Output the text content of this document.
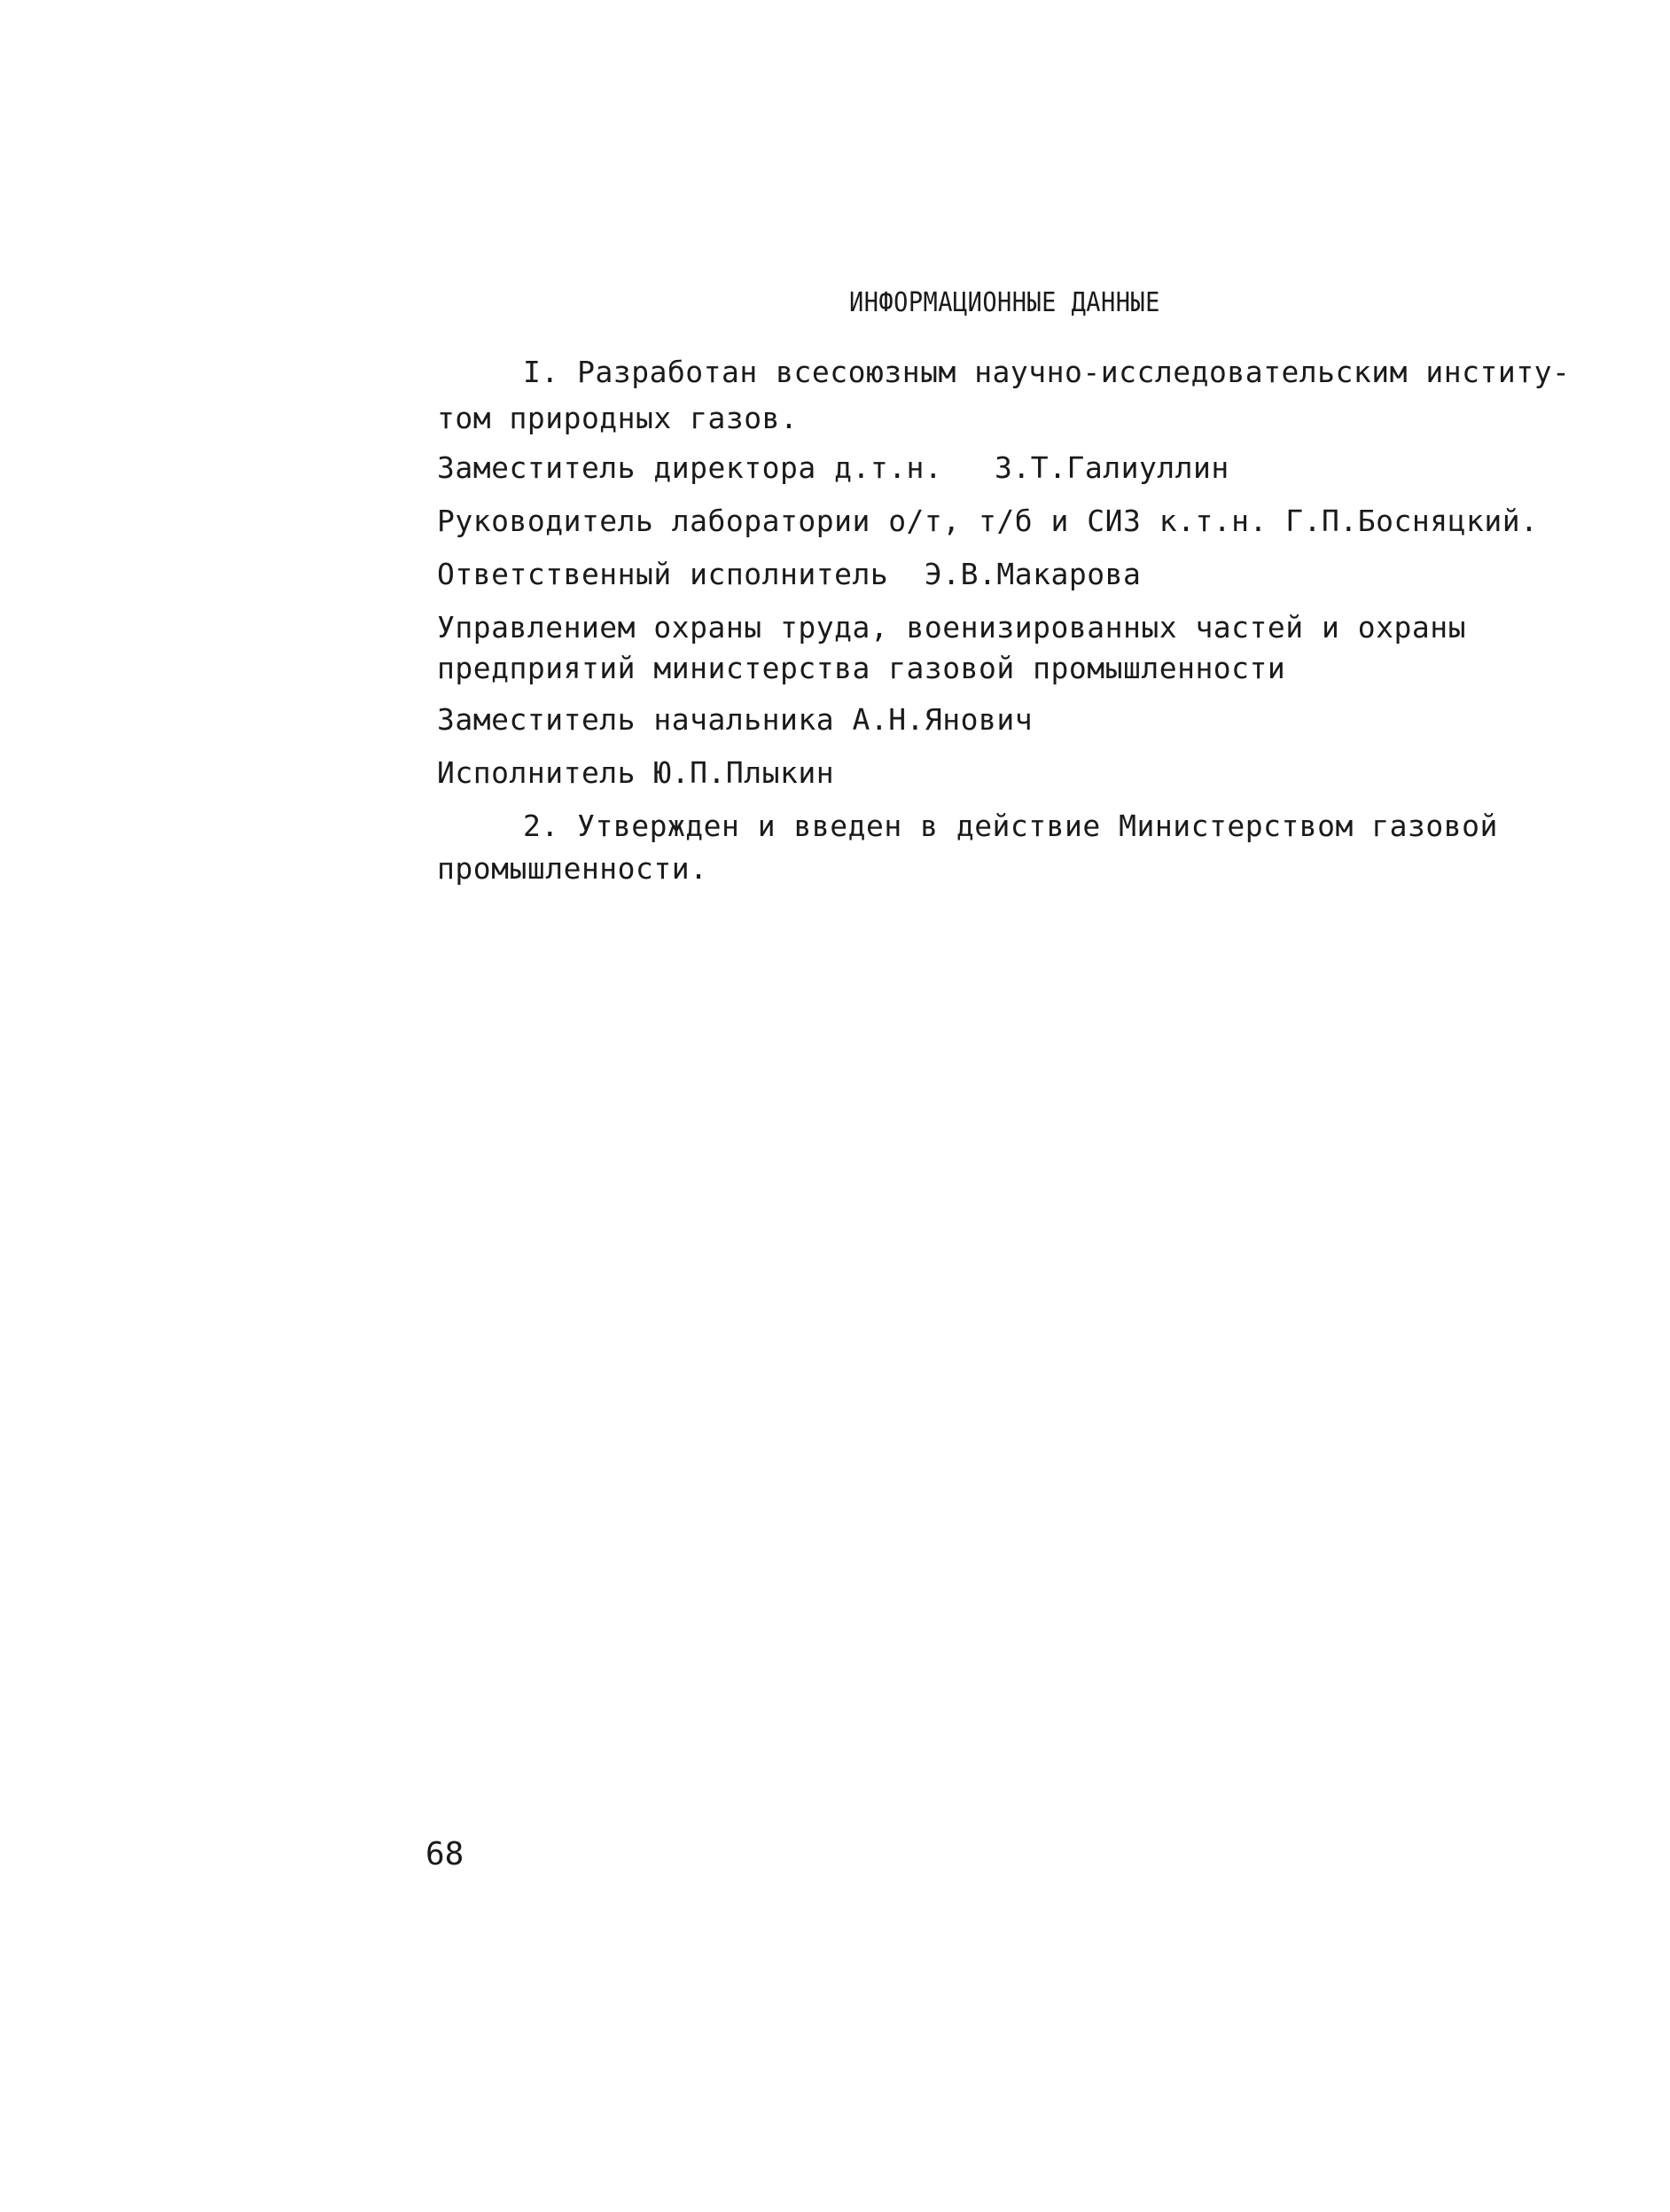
ИНФОРМАЦИОННЫЕ ДАННЫЕ
I. Разработан всесоюзным научно-исследовательским институ-
том природных газов.
Заместитель директора д.т.н. З.Т.Галиуллин
Руководитель лаборатории о/т, т/б и СИЗ к.т.н. Г.П.Босняцкий.
Ответственный исполнитель  Э.В.Макарова
Управлением охраны труда, военизированных частей и охраны
предприятий министерства газовой промышленности
Заместитель начальника А.Н.Янович
Исполнитель Ю.П.Плыкин
2. Утвержден и введен в действие Министерством газовой
промышленности.
68
